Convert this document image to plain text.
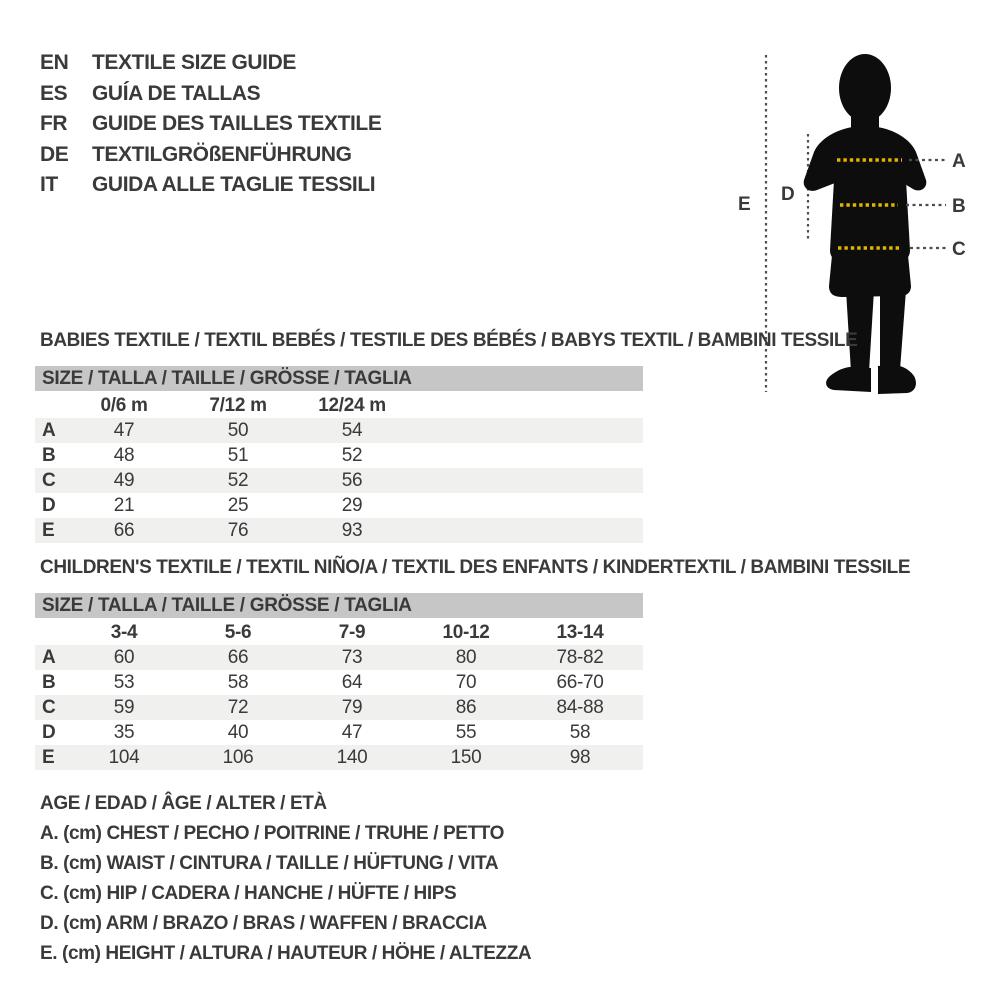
EN	TEXTILE SIZE GUIDE
ES	GUÍA DE TALLAS
FR	GUIDE DES TAILLES TEXTILE
DE	TEXTILGRÖßENFÜHRUNG
IT	GUIDA ALLE TAGLIE TESSILI
A
B
C
D
E
BABIES TEXTILE / TEXTIL BEBÉS / TESTILE DES BÉBÉS / BABYS TEXTIL / BAMBINI TESSILE
SIZE / TALLA / TAILLE / GRÖSSE / TAGLIA
0/6 m	7/12 m	12/24 m
A	47	50	54
B	48	51	52
C	49	52	56
D	21	25	29
E	66	76	93
CHILDREN'S TEXTILE / TEXTIL NIÑO/A / TEXTIL DES ENFANTS / KINDERTEXTIL / BAMBINI TESSILE
SIZE / TALLA / TAILLE / GRÖSSE / TAGLIA
3-4	5-6	7-9	10-12	13-14
A	60	66	73	80	78-82
B	53	58	64	70	66-70
C	59	72	79	86	84-88
D	35	40	47	55	58
E	104	106	140	150	98
AGE / EDAD / ÂGE / ALTER / ETÀ
A. (cm) CHEST / PECHO / POITRINE / TRUHE / PETTO
B. (cm) WAIST / CINTURA / TAILLE / HÜFTUNG / VITA
C. (cm) HIP / CADERA / HANCHE / HÜFTE / HIPS
D. (cm) ARM / BRAZO / BRAS / WAFFEN / BRACCIA
E. (cm) HEIGHT / ALTURA / HAUTEUR / HÖHE / ALTEZZA
